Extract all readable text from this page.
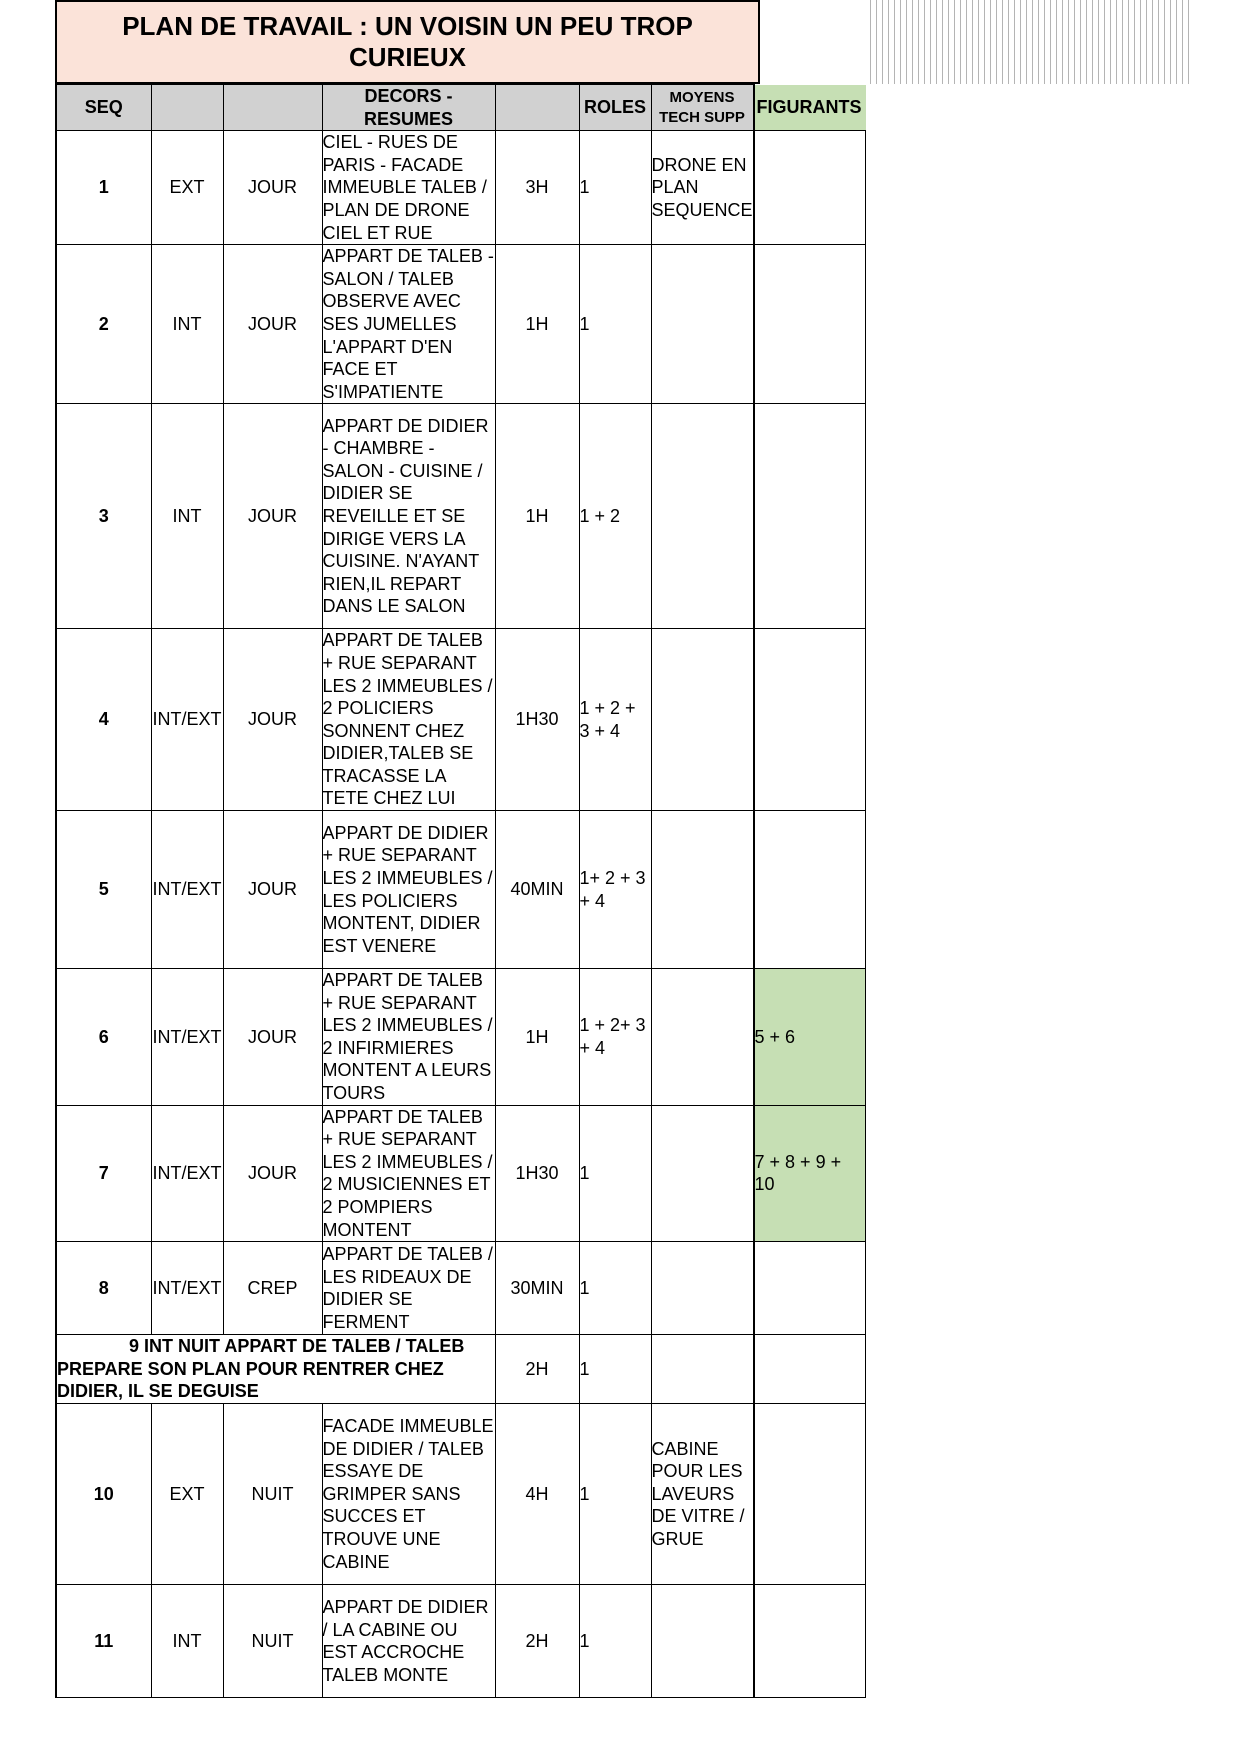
PLAN DE TRAVAIL : UN VOISIN UN PEU TROP CURIEUX
SEQ			DECORS - RESUMES		ROLES	MOYENS TECH SUPP	FIGURANTS
1	EXT	JOUR	CIEL - RUES DE PARIS - FACADE IMMEUBLE TALEB / PLAN DE DRONE CIEL ET RUE	3H	1	DRONE EN PLAN SEQUENCE	
2	INT	JOUR	APPART DE TALEB - SALON / TALEB OBSERVE AVEC SES JUMELLES L'APPART D'EN FACE ET S'IMPATIENTE	1H	1		
3	INT	JOUR	APPART DE DIDIER - CHAMBRE - SALON - CUISINE / DIDIER SE REVEILLE ET SE DIRIGE VERS LA CUISINE. N'AYANT RIEN,IL REPART DANS LE SALON	1H	1 + 2		
4	INT/EXT	JOUR	APPART DE TALEB + RUE SEPARANT LES 2 IMMEUBLES / 2 POLICIERS SONNENT CHEZ DIDIER,TALEB SE TRACASSE LA TETE CHEZ LUI	1H30	1 + 2 + 3 + 4		
5	INT/EXT	JOUR	APPART DE DIDIER + RUE SEPARANT LES 2 IMMEUBLES / LES POLICIERS MONTENT, DIDIER EST VENERE	40MIN	1+ 2 + 3 + 4		
6	INT/EXT	JOUR	APPART DE TALEB + RUE SEPARANT LES 2 IMMEUBLES / 2 INFIRMIERES MONTENT A LEURS TOURS	1H	1 + 2+ 3 + 4		5 + 6
7	INT/EXT	JOUR	APPART DE TALEB + RUE SEPARANT LES 2 IMMEUBLES / 2 MUSICIENNES ET 2 POMPIERS MONTENT	1H30	1		7 + 8 + 9 + 10
8	INT/EXT	CREP	APPART DE TALEB / LES RIDEAUX DE DIDIER SE FERMENT	30MIN	1		
9 INT NUIT APPART DE TALEB / TALEB PREPARE SON PLAN POUR RENTRER CHEZ DIDIER, IL SE DEGUISE				2H	1		
10	EXT	NUIT	FACADE IMMEUBLE DE DIDIER / TALEB ESSAYE DE GRIMPER SANS SUCCES ET TROUVE UNE CABINE	4H	1	CABINE POUR LES LAVEURS DE VITRE / GRUE	
11	INT	NUIT	APPART DE DIDIER / LA CABINE OU EST ACCROCHE TALEB MONTE	2H	1		
